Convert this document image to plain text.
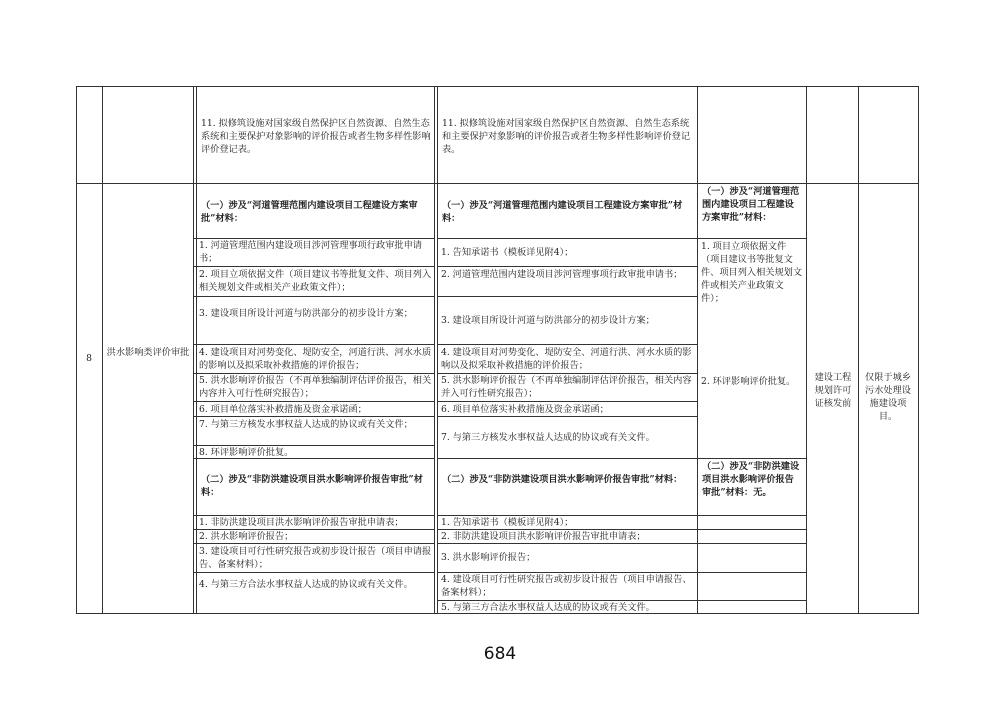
11. 拟修筑设施对国家级自然保护区自然资源、自然生态系统和主要保护对象影响的评价报告或者生物多样性影响评价登记表。
11. 拟修筑设施对国家级自然保护区自然资源、自然生态系统和主要保护对象影响的评价报告或者生物多样性影响评价登记表。
8
洪水影响类评价审批
（一）涉及“河道管理范围内建设项目工程建设方案审批”材料：
（一）涉及“河道管理范围内建设项目工程建设方案审批”材料：
（一）涉及“河道管理范围内建设项目工程建设方案审批”材料：
1. 河道管理范围内建设项目涉河管理事项行政审批申请书；
2. 项目立项依据文件（项目建议书等批复文件、项目列入相关规划文件或相关产业政策文件）；
3. 建设项目所设计河道与防洪部分的初步设计方案；
4. 建设项目对河势变化、堤防安全，河道行洪、河水水质的影响以及拟采取补救措施的评价报告；
5. 洪水影响评价报告（不再单独编制评估评价报告，相关内容并入可行性研究报告）；
6. 项目单位落实补救措施及资金承诺函；
7. 与第三方核发水事权益人达成的协议或有关文件；
8. 环评影响评价批复。
1. 告知承诺书（模板详见附4）；
2. 河道管理范围内建设项目涉河管理事项行政审批申请书；
3. 建设项目所设计河道与防洪部分的初步设计方案；
4. 建设项目对河势变化、堤防安全、河道行洪、河水水质的影响以及拟采取补救措施的评价报告；
5. 洪水影响评价报告（不再单独编制评估评价报告，相关内容并入可行性研究报告）；
6. 项目单位落实补救措施及资金承诺函；
7. 与第三方核发水事权益人达成的协议或有关文件。
1. 项目立项依据文件（项目建议书等批复文件、项目列入相关规划文件或相关产业政策文件）；
2. 环评影响评价批复。
（二）涉及“非防洪建设项目洪水影响评价报告审批”材料：
（二）涉及“非防洪建设项目洪水影响评价报告审批”材料：
（二）涉及“非防洪建设项目洪水影响评价报告审批”材料：无。
1. 非防洪建设项目洪水影响评价报告审批申请表；
2. 洪水影响评价报告；
3. 建设项目可行性研究报告或初步设计报告（项目申请报告、备案材料）；
4. 与第三方合法水事权益人达成的协议或有关文件。
1. 告知承诺书（模板详见附4）；
2. 非防洪建设项目洪水影响评价报告审批申请表；
3. 洪水影响评价报告；
4. 建设项目可行性研究报告或初步设计报告（项目申请报告、备案材料）；
5. 与第三方合法水事权益人达成的协议或有关文件。
建设工程规划许可证核发前
仅限于城乡污水处理设施建设项目。
684
